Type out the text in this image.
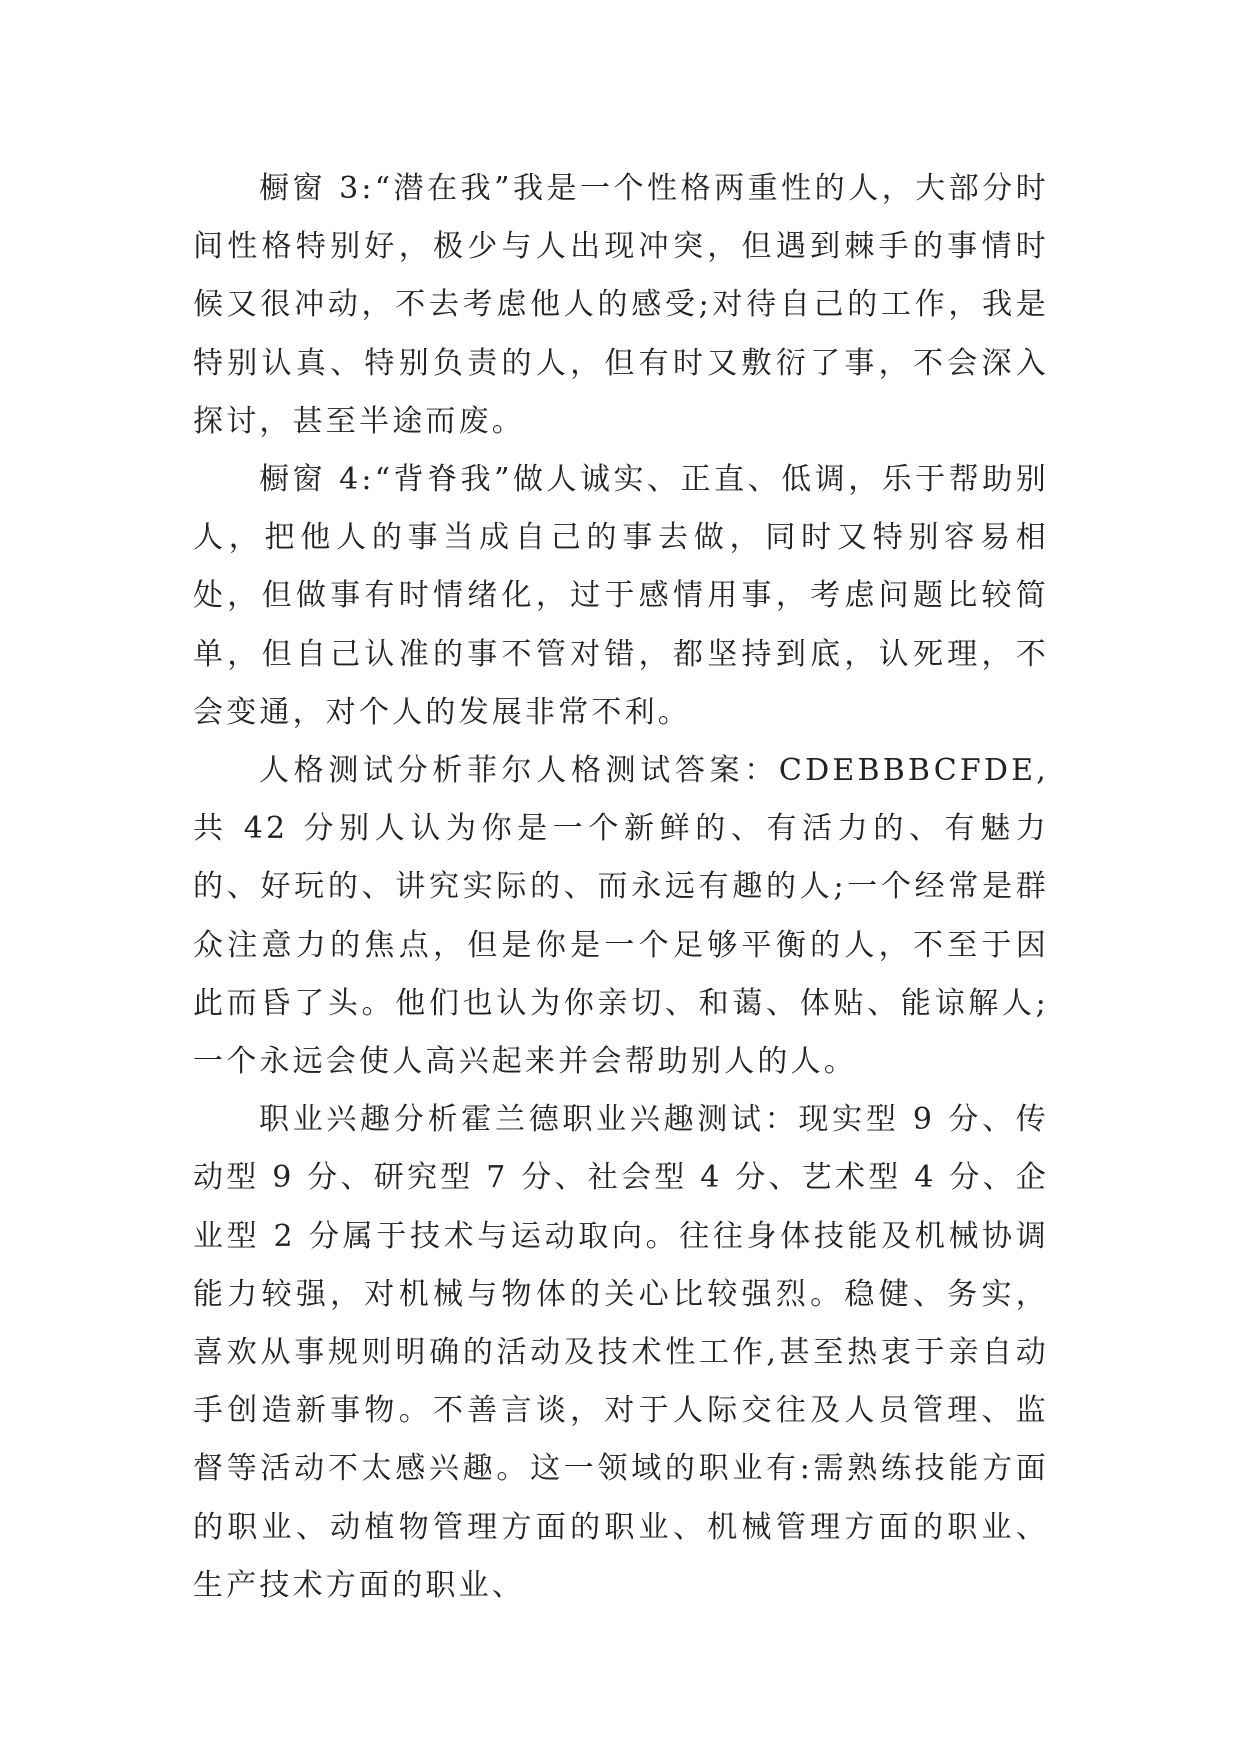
橱窗 3:“潜在我”我是一个性格两重性的人，大部分时间性格特别好，极少与人出现冲突，但遇到棘手的事情时候又很冲动，不去考虑他人的感受;对待自己的工作，我是特别认真、特别负责的人，但有时又敷衍了事，不会深入探讨，甚至半途而废。

橱窗 4:“背脊我”做人诚实、正直、低调，乐于帮助别人，把他人的事当成自己的事去做，同时又特别容易相处，但做事有时情绪化，过于感情用事，考虑问题比较简单，但自己认准的事不管对错，都坚持到底，认死理，不会变通，对个人的发展非常不利。

人格测试分析菲尔人格测试答案：CDEBBBCFDE,共 42 分别人认为你是一个新鲜的、有活力的、有魅力的、好玩的、讲究实际的、而永远有趣的人;一个经常是群众注意力的焦点，但是你是一个足够平衡的人，不至于因此而昏了头。他们也认为你亲切、和蔼、体贴、能谅解人;一个永远会使人高兴起来并会帮助别人的人。

职业兴趣分析霍兰德职业兴趣测试：现实型 9 分、传动型 9 分、研究型 7 分、社会型 4 分、艺术型 4 分、企业型 2 分属于技术与运动取向。往往身体技能及机械协调能力较强，对机械与物体的关心比较强烈。稳健、务实，喜欢从事规则明确的活动及技术性工作,甚至热衷于亲自动手创造新事物。不善言谈，对于人际交往及人员管理、监督等活动不太感兴趣。这一领域的职业有:需熟练技能方面的职业、动植物管理方面的职业、机械管理方面的职业、生产技术方面的职业、
